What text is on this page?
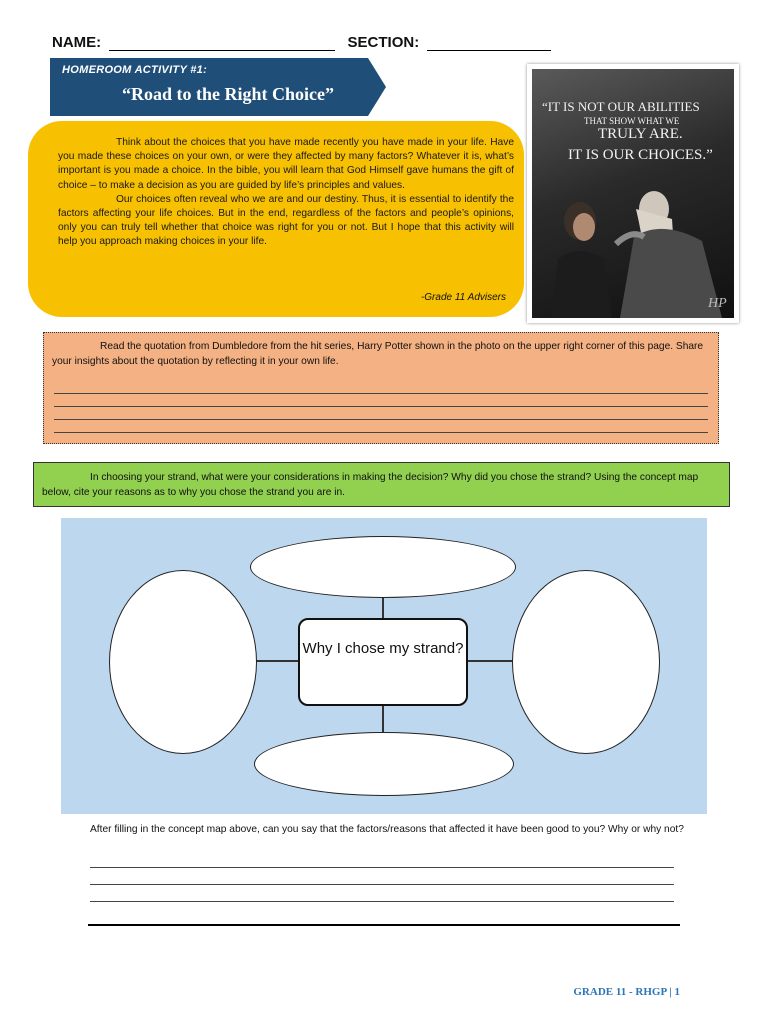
NAME:	SECTION:
HOMEROOM ACTIVITY #1:
“Road to the Right Choice”

Think about the choices that you have made recently you have made in your life. Have you made these choices on your own, or were they affected by many factors? Whatever it is, what’s important is you made a choice. In the bible, you will learn that God Himself gave humans the gift of choice – to make a decision as you are guided by life’s principles and values.

Our choices often reveal who we are and our destiny. Thus, it is essential to identify the factors affecting your life choices. But in the end, regardless of the factors and people’s opinions, only you can truly tell whether that choice was right for you or not. But I hope that this activity will help you approach making choices in your life.

-Grade 11 Advisers	HP
“IT IS NOT OUR ABILITIES
THAT SHOW WHAT WE
TRULY ARE.
IT IS OUR CHOICES.”

Read the quotation from Dumbledore from the hit series, Harry Potter shown in the photo on the upper right corner of this page. Share your insights about the quotation by reflecting it in your own life.

In choosing your strand, what were your considerations in making the decision? Why did you chose the strand? Using the concept map below, cite your reasons as to why you chose the strand you are in.

Why I chose my strand?
After filling in the concept map above, can you say that the factors/reasons that affected it have been good to you? Why or why not?
GRADE 11 - RHGP | 1
